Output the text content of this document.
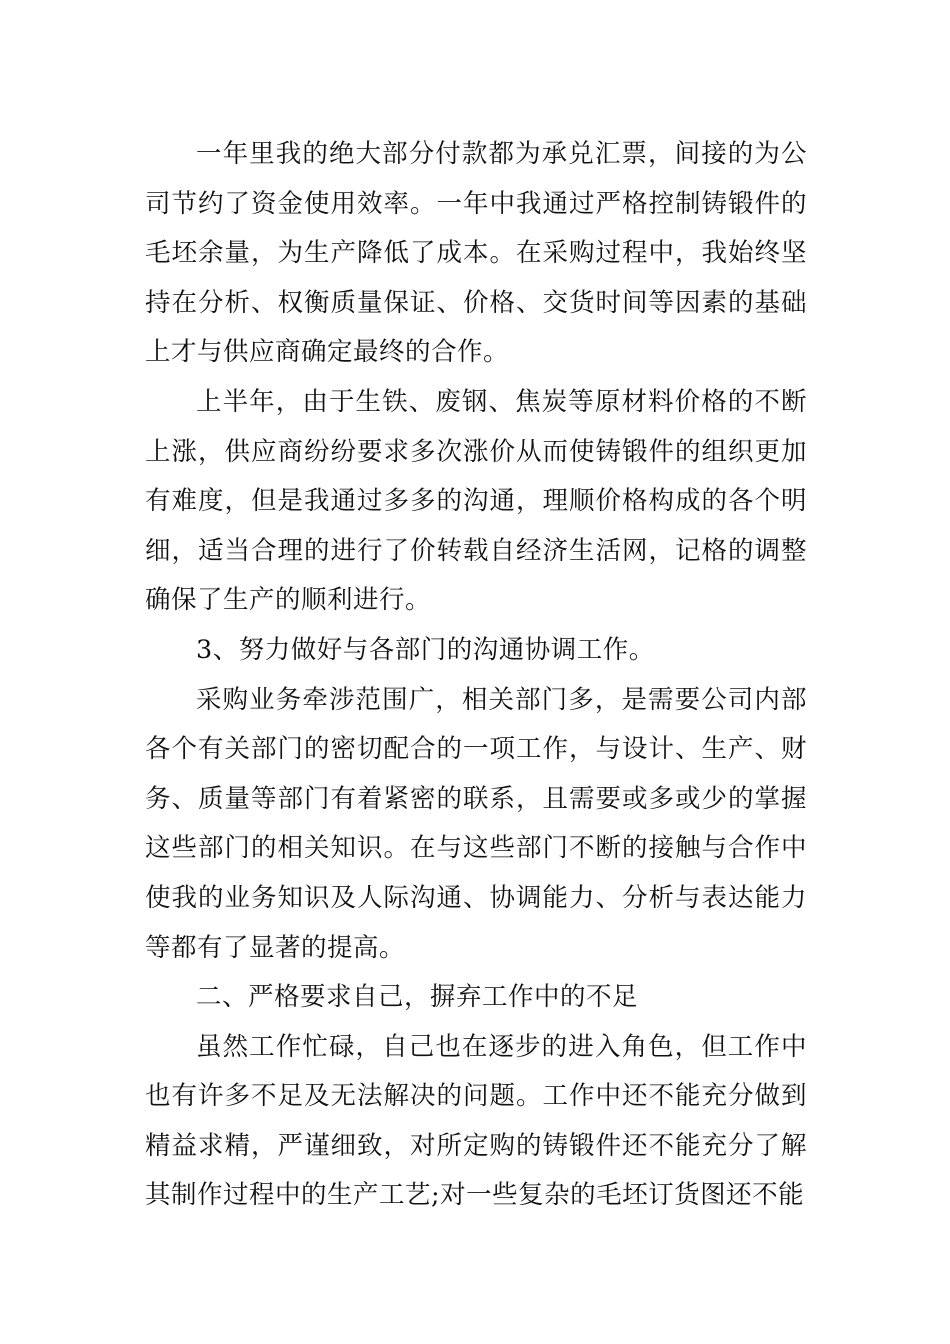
一年里我的绝大部分付款都为承兑汇票，间接的为公司节约了资金使用效率。一年中我通过严格控制铸锻件的毛坯余量，为生产降低了成本。在采购过程中，我始终坚持在分析、权衡质量保证、价格、交货时间等因素的基础上才与供应商确定最终的合作。

上半年，由于生铁、废钢、焦炭等原材料价格的不断上涨，供应商纷纷要求多次涨价从而使铸锻件的组织更加有难度，但是我通过多多的沟通，理顺价格构成的各个明细，适当合理的进行了价转载自经济生活网，记格的调整确保了生产的顺利进行。

3、努力做好与各部门的沟通协调工作。

采购业务牵涉范围广，相关部门多，是需要公司内部各个有关部门的密切配合的一项工作，与设计、生产、财务、质量等部门有着紧密的联系，且需要或多或少的掌握这些部门的相关知识。在与这些部门不断的接触与合作中使我的业务知识及人际沟通、协调能力、分析与表达能力等都有了显著的提高。

二、严格要求自己，摒弃工作中的不足

虽然工作忙碌，自己也在逐步的进入角色，但工作中也有许多不足及无法解决的问题。工作中还不能充分做到精益求精，严谨细致，对所定购的铸锻件还不能充分了解其制作过程中的生产工艺;对一些复杂的毛坯订货图还不能
